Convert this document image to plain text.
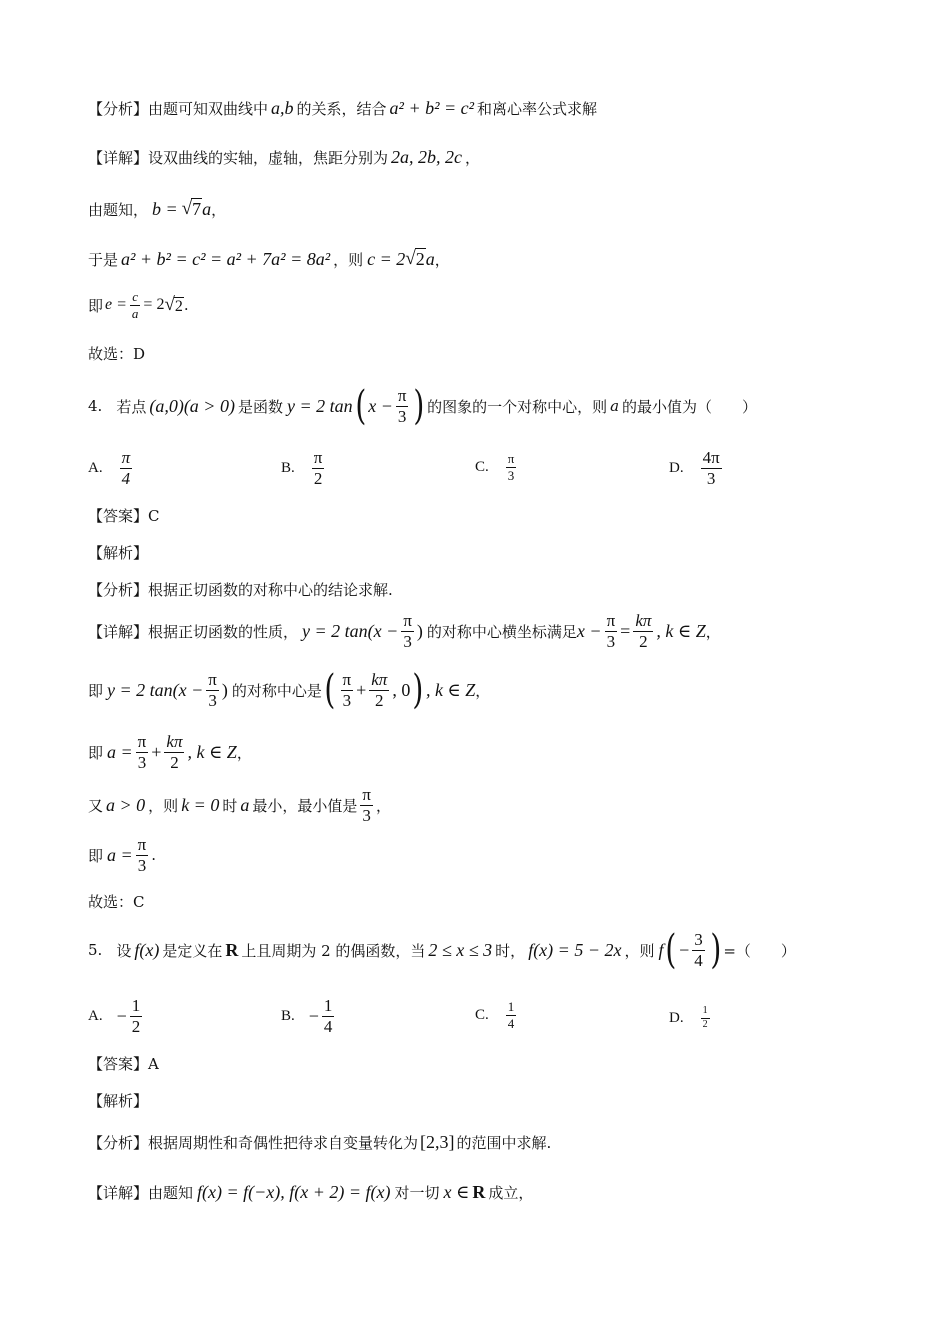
【分析】 由题可知双曲线中 a,b 的关系，结合 a² + b² = c² 和离心率公式求解
【详解】 设双曲线的实轴，虚轴，焦距分别为 2a, 2b, 2c ，
由题知， b = √ 7 a ，
于是 a² + b² = c² = a² + 7a² = 8a² ，则 c = 2 √ 2 a ，
即 $e = \frac{c}{a} = 2$ √ 2 .
故选：D
4. 若点 (a,0)(a > 0) 是函数 y = 2 tan ( $x - \frac{\pi}{3}$ ) 的图象的一个对称中心，则 a 的最小值为（　　）
A. $\frac{\pi}{4}$	B. $\frac{\pi}{2}$	C. $\frac{\pi}{3}$	D. $\frac{4\pi}{3}$
【答案】C
【解析】
【分析】 根据正切函数的对称中心的结论求解.
【详解】 根据正切函数的性质， y = 2 $\tan(x - \frac{\pi}{3}$ ) 的对称中心横坐标满足 $x - \frac{\pi}{3} = \frac{k\pi}{2}$ , k ∈ Z ，
即 y = 2 $\tan(x - \frac{\pi}{3}$ ) 的对称中心是 ( $\frac{\pi}{3} + \frac{k\pi}{2}$ , 0 ) , k ∈ Z ，
即 $a = \frac{\pi}{3} + \frac{k\pi}{2}$ , k ∈ Z ，
又 a > 0 ，则 k = 0 时 a 最小，最小值是 $\frac{\pi}{3}$ ，
即 $a = \frac{\pi}{3}$ .
故选：C
5. 设 f(x) 是定义在 R 上且周期为 2 的偶函数，当 2 ≤ x ≤ 3 时， f(x) = 5 − 2x ，则 f ( − $\frac{3}{4}$ ) =（　　）
A. − $\frac{1}{2}$	B. − $\frac{1}{4}$	C. $\frac{1}{4}$	D. $\frac{1}{2}$
【答案】A
【解析】
【分析】 根据周期性和奇偶性把待求自变量转化为 [2,3] 的范围中求解.
【详解】 由题知 f(x) = f(−x), f(x + 2) = f(x) 对一切 x ∈ R 成立，
